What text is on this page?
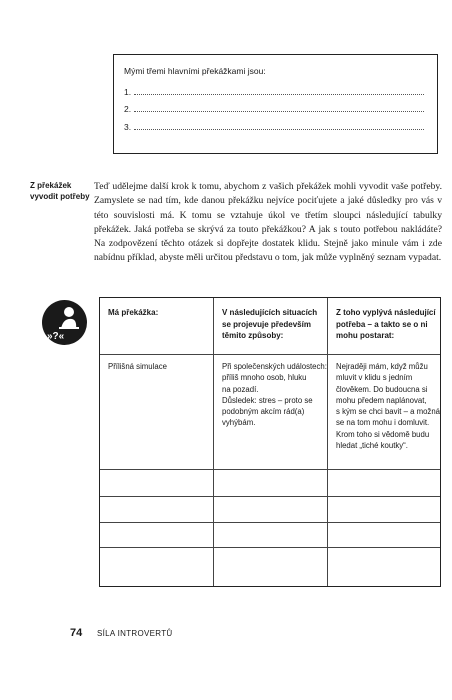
Mými třemi hlavními překážkami jsou:
1.
2.
3.
Z překážek
vyvodit potřeby
Teď udělejme další krok k tomu, abychom z vašich překážek mohli vyvodit vaše potřeby. Zamyslete se nad tím, kde danou překážku nejvíce pociťujete a jaké důsledky pro vás v této souvislosti má. K tomu se vztahuje úkol ve třetím sloupci následující tabulky překážek. Jaká potřeba se skrývá za touto překážkou? A jak s touto potřebou nakládáte? Na zodpovězení těchto otázek si dopřejte dostatek klidu. Stejně jako minule vám i zde nabídnu příklad, abyste měli určitou představu o tom, jak může vyplněný seznam vypadat.
»?«
Má překážka:	V následujících situacích
se projevuje především
těmito způsoby:
Z toho vyplývá následující
potřeba – a takto se o ni
mohu postarat:
Přílišná simulace	Při společenských událostech:
příliš mnoho osob, hluku
na pozadí.
Důsledek: stres – proto se
podobným akcím rád(a)
vyhýbám.
Nejraději mám, když můžu
mluvit v klidu s jedním
člověkem. Do budoucna si
mohu předem naplánovat,
s kým se chci bavit – a možná
se na tom mohu i domluvit.
Krom toho si vědomě budu
hledat „tiché koutky“.
74 SÍLA INTROVERTŮ
